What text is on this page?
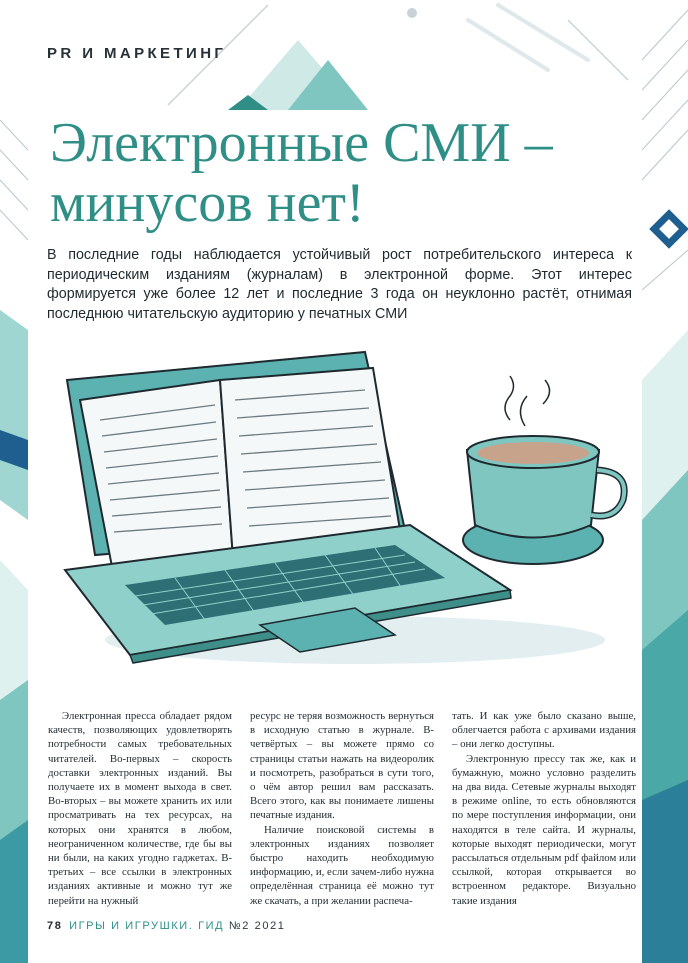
PR И МАРКЕТИНГ
Электронные СМИ –
минусов нет!

В последние годы наблюдается устойчивый рост потребительского интереса к периодическим изданиям (журналам) в электронной форме. Этот интерес формируется уже более 12 лет и последние 3 года он неуклонно растёт, отнимая последнюю читательскую аудиторию у печатных СМИ

Электронная пресса обладает рядом качеств, позволяющих удовлетворять потребности самых требовательных читателей. Во-первых – скорость доставки электронных изданий. Вы получаете их в момент выхода в свет. Во-вторых – вы можете хранить их или просматривать на тех ресурсах, на которых они хранятся в любом, неограниченном количестве, где бы вы ни были, на каких угодно гаджетах. В-третьих – все ссылки в электронных изданиях активные и можно тут же перейти на нужный

ресурс не теряя возможность вернуться в исходную статью в журнале. В-четвёртых – вы можете прямо со страницы статьи нажать на видеоролик и посмотреть, разобраться в сути того, о чём автор решил вам рассказать. Всего этого, как вы понимаете лишены печатные издания.

Наличие поисковой системы в электронных изданиях позволяет быстро находить необходимую информацию, и, если зачем-либо нужна определённая страница её можно тут же скачать, а при желании распеча-

тать. И как уже было сказано выше, облегчается работа с архивами издания – они легко доступны.

Электронную прессу так же, как и бумажную, можно условно разделить на два вида. Сетевые журналы выходят в режиме online, то есть обновляются по мере поступления информации, они находятся в теле сайта. И журналы, которые выходят периодически, могут рассылаться отдельным pdf файлом или ссылкой, которая открывается во встроенном редакторе. Визуально такие издания

78 ИГРЫ И ИГРУШКИ. ГИД №2 2021
